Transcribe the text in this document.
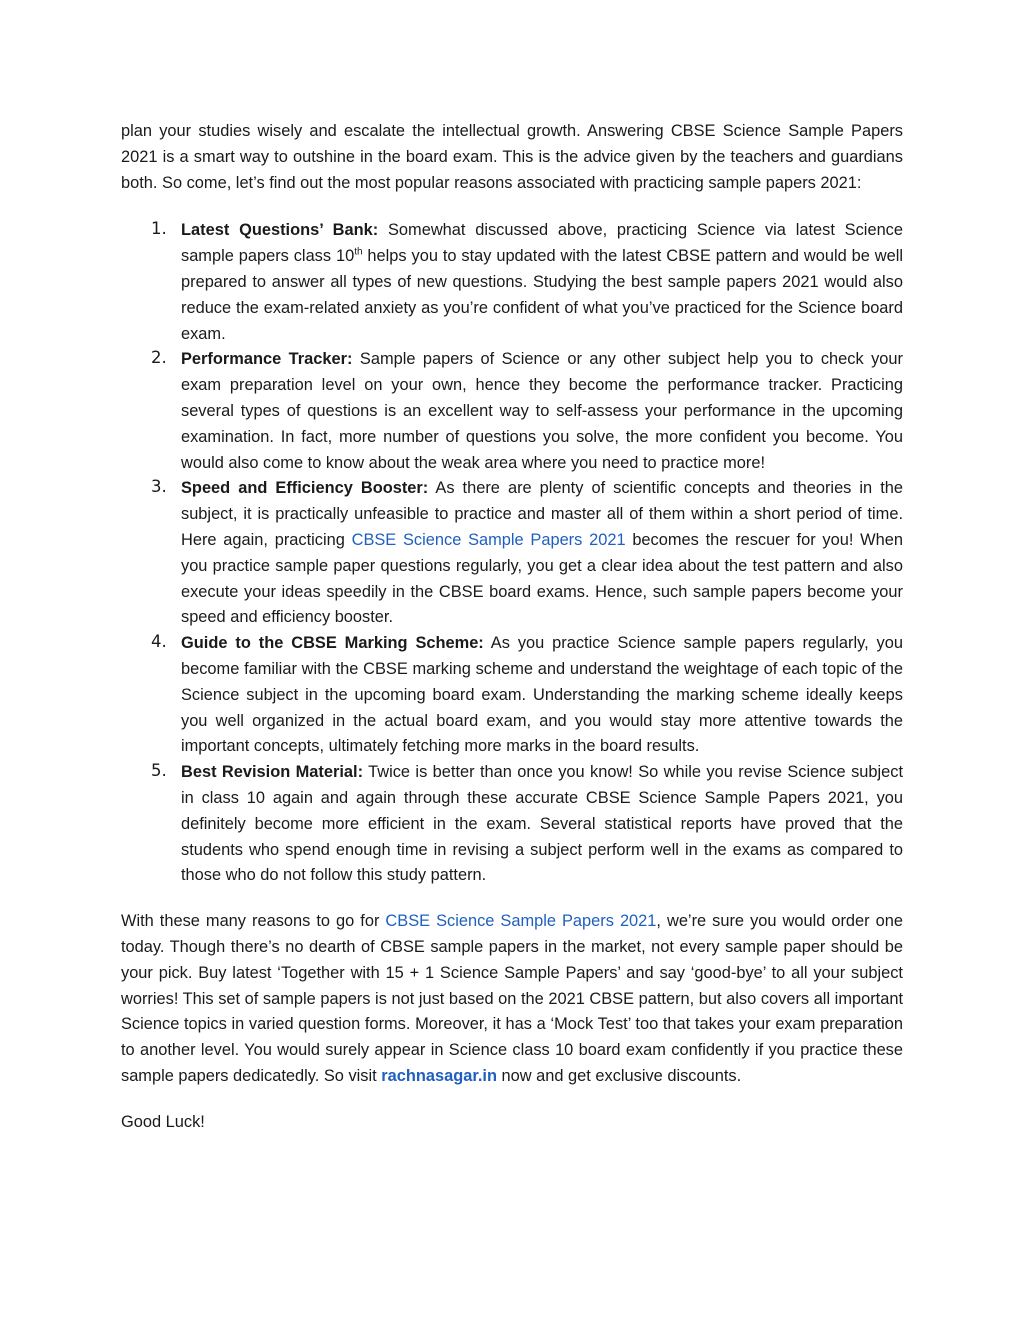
plan your studies wisely and escalate the intellectual growth. Answering CBSE Science Sample Papers 2021 is a smart way to outshine in the board exam. This is the advice given by the teachers and guardians both. So come, let’s find out the most popular reasons associated with practicing sample papers 2021:

1. Latest Questions’ Bank: Somewhat discussed above, practicing Science via latest Science sample papers class 10th helps you to stay updated with the latest CBSE pattern and would be well prepared to answer all types of new questions. Studying the best sample papers 2021 would also reduce the exam-related anxiety as you’re confident of what you’ve practiced for the Science board exam.
2. Performance Tracker: Sample papers of Science or any other subject help you to check your exam preparation level on your own, hence they become the performance tracker. Practicing several types of questions is an excellent way to self-assess your performance in the upcoming examination. In fact, more number of questions you solve, the more confident you become. You would also come to know about the weak area where you need to practice more!
3. Speed and Efficiency Booster: As there are plenty of scientific concepts and theories in the subject, it is practically unfeasible to practice and master all of them within a short period of time. Here again, practicing CBSE Science Sample Papers 2021 becomes the rescuer for you! When you practice sample paper questions regularly, you get a clear idea about the test pattern and also execute your ideas speedily in the CBSE board exams. Hence, such sample papers become your speed and efficiency booster.
4. Guide to the CBSE Marking Scheme: As you practice Science sample papers regularly, you become familiar with the CBSE marking scheme and understand the weightage of each topic of the Science subject in the upcoming board exam. Understanding the marking scheme ideally keeps you well organized in the actual board exam, and you would stay more attentive towards the important concepts, ultimately fetching more marks in the board results.
5. Best Revision Material: Twice is better than once you know! So while you revise Science subject in class 10 again and again through these accurate CBSE Science Sample Papers 2021, you definitely become more efficient in the exam. Several statistical reports have proved that the students who spend enough time in revising a subject perform well in the exams as compared to those who do not follow this study pattern.

With these many reasons to go for CBSE Science Sample Papers 2021, we’re sure you would order one today. Though there’s no dearth of CBSE sample papers in the market, not every sample paper should be your pick. Buy latest ‘Together with 15 + 1 Science Sample Papers’ and say ‘good-bye’ to all your subject worries! This set of sample papers is not just based on the 2021 CBSE pattern, but also covers all important Science topics in varied question forms. Moreover, it has a ‘Mock Test’ too that takes your exam preparation to another level. You would surely appear in Science class 10 board exam confidently if you practice these sample papers dedicatedly. So visit rachnasagar.in now and get exclusive discounts.

Good Luck!
